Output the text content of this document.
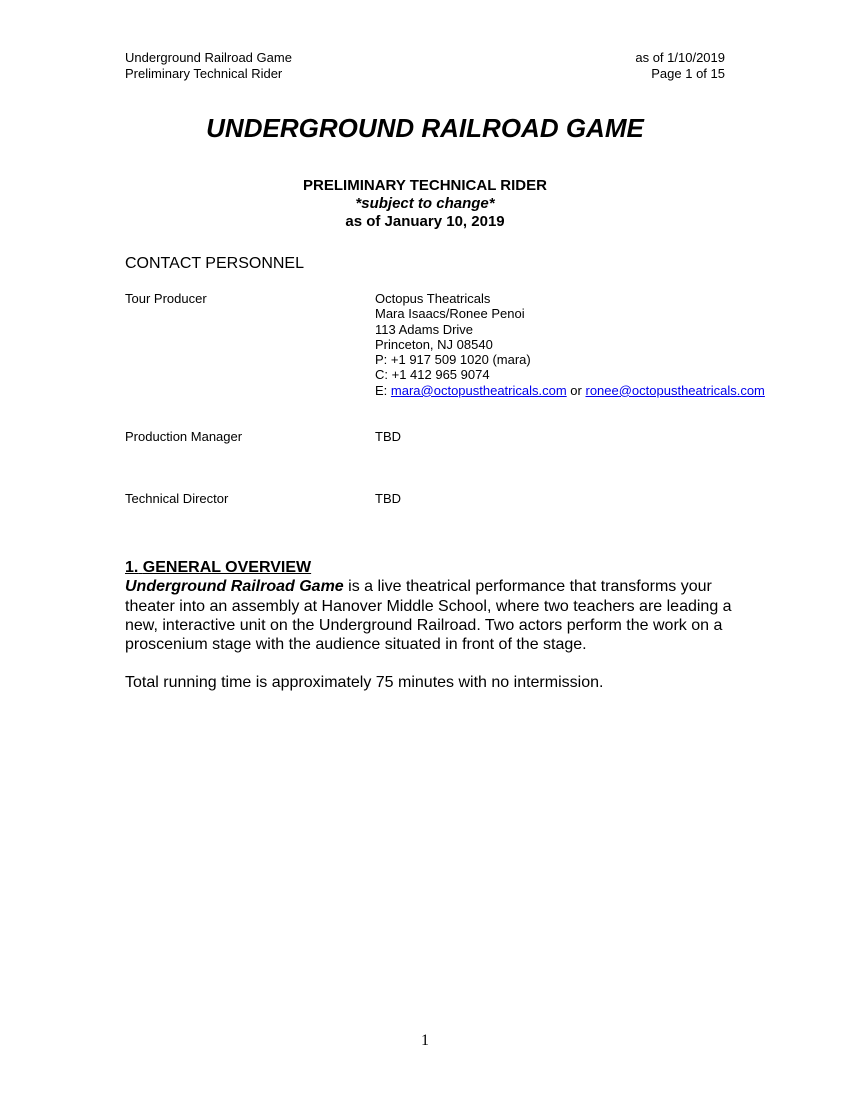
Underground Railroad Game
Preliminary Technical Rider
as of 1/10/2019
Page 1 of 15
UNDERGROUND RAILROAD GAME
PRELIMINARY TECHNICAL RIDER
*subject to change*
as of January 10, 2019
CONTACT PERSONNEL
Tour Producer	Octopus Theatricals
Mara Isaacs/Ronee Penoi
113 Adams Drive
Princeton, NJ 08540
P: +1 917 509 1020 (mara)
C: +1 412 965 9074
E: mara@octopustheatricals.com or ronee@octopustheatricals.com
Production Manager	TBD
Technical Director	TBD
1. GENERAL OVERVIEW

Underground Railroad Game is a live theatrical performance that transforms your theater into an assembly at Hanover Middle School, where two teachers are leading a new, interactive unit on the Underground Railroad. Two actors perform the work on a proscenium stage with the audience situated in front of the stage.

Total running time is approximately 75 minutes with no intermission.

1
